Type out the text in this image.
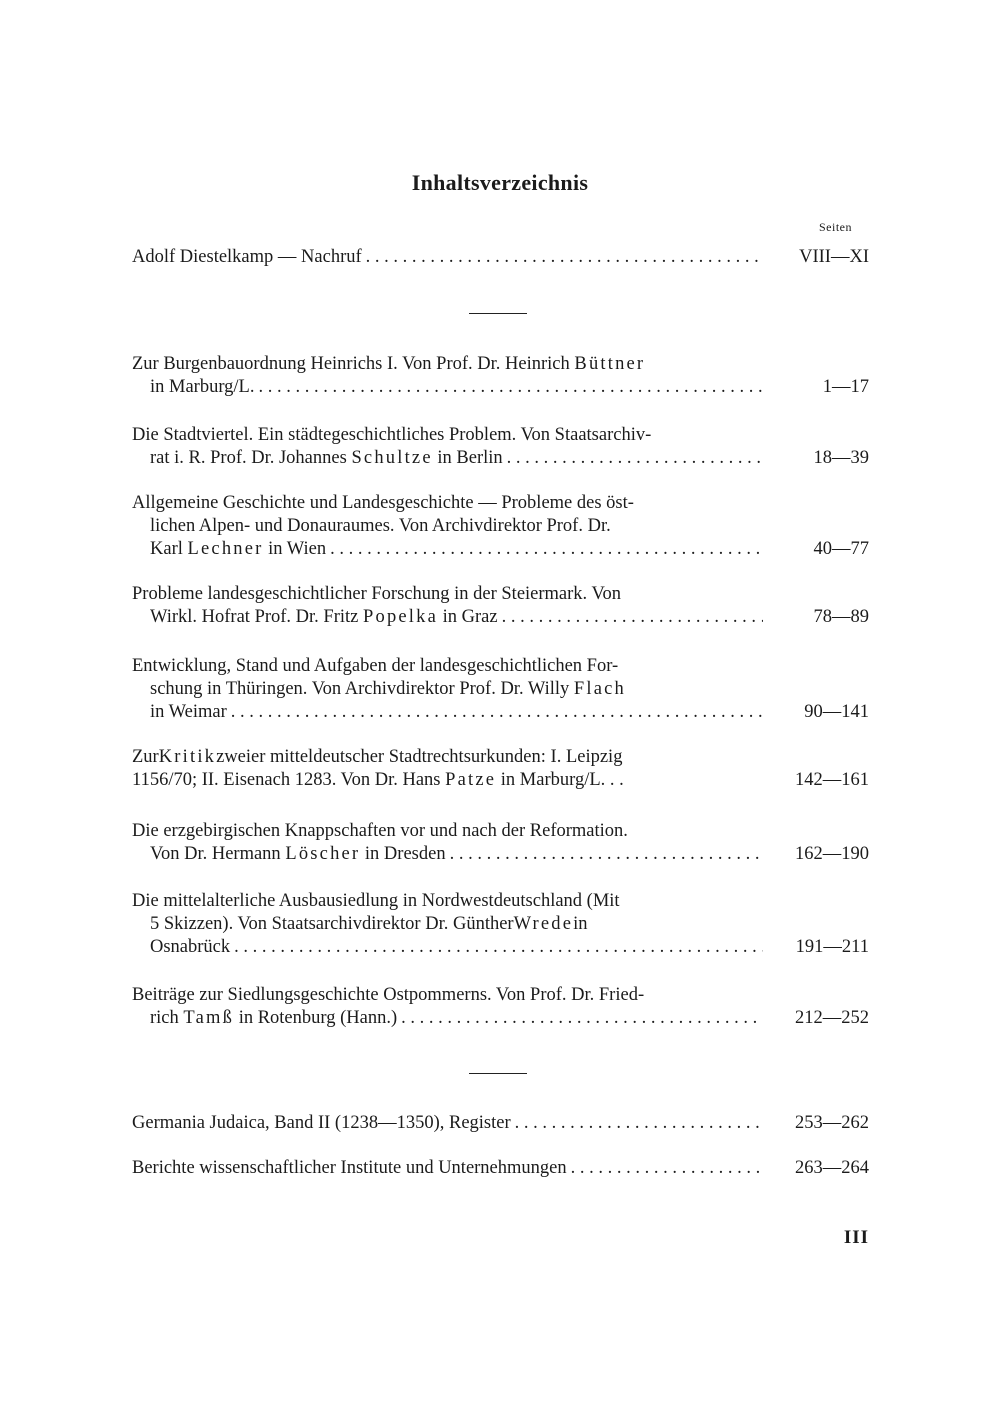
Inhaltsverzeichnis
Seiten
Adolf Diestelkamp — Nachruf . . .	VIII—XI
Zur Burgenbauordnung Heinrichs I. Von Prof. Dr. Heinrich
Büttner
in Marburg/L. . . .	1—17
Die Stadtviertel. Ein städtegeschichtliches Problem. Von Staatsarchiv-
rat i. R. Prof. Dr. Johannes Schultze in Berlin . . .	18—39
Allgemeine Geschichte und Landesgeschichte — Probleme des öst-
lichen Alpen- und Donauraumes. Von Archivdirektor Prof. Dr.
Karl Lechner in Wien . . .	40—77
Probleme landesgeschichtlicher Forschung in der Steiermark. Von
Wirkl. Hofrat Prof. Dr. Fritz Popelka in Graz . . .	78—89
Entwicklung, Stand und Aufgaben der landesgeschichtlichen For-
schung in Thüringen. Von Archivdirektor Prof. Dr. Willy
Flach
in Weimar . . .	90—141
Zur Kritik zweier mitteldeutscher Stadtrechtsurkunden: I. Leipzig
1156/70; II. Eisenach 1283. Von Dr. Hans Patze in Marburg/L. . .	142—161
Die erzgebirgischen Knappschaften vor und nach der Reformation.
Von Dr. Hermann Löscher in Dresden . . .	162—190
Die mittelalterliche Ausbausiedlung in Nordwestdeutschland (Mit
5 Skizzen). Von Staatsarchivdirektor Dr. Günther Wrede in
Osnabrück . . .	191—211
Beiträge zur Siedlungsgeschichte Ostpommerns. Von Prof. Dr. Fried-
rich Tamß in Rotenburg (Hann.) . . .	212—252
Germania Judaica, Band II (1238—1350), Register . . .	253—262
Berichte wissenschaftlicher Institute und Unternehmungen . . .	263—264
III
